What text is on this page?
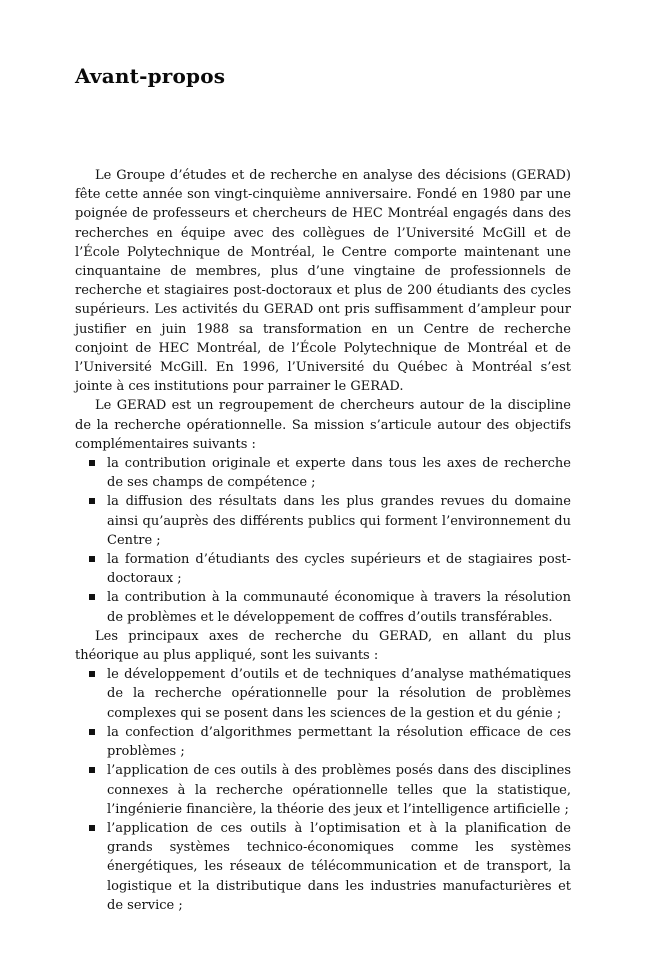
Avant-propos

Le Groupe d’études et de recherche en analyse des décisions (GERAD) fête cette année son vingt-cinquième anniversaire. Fondé en 1980 par une poignée de professeurs et chercheurs de HEC Montréal engagés dans des recherches en équipe avec des collègues de l’Université McGill et de l’École Polytechnique de Montréal, le Centre comporte maintenant une cinquantaine de membres, plus d’une vingtaine de professionnels de recherche et stagiaires post-doctoraux et plus de 200 étudiants des cycles supérieurs. Les activités du GERAD ont pris suffisamment d’ampleur pour justifier en juin 1988 sa transformation en un Centre de recherche conjoint de HEC Montréal, de l’École Polytechnique de Montréal et de l’Université McGill. En 1996, l’Université du Québec à Montréal s’est jointe à ces institutions pour parrainer le GERAD.

Le GERAD est un regroupement de chercheurs autour de la discipline de la recherche opérationnelle. Sa mission s’articule autour des objectifs complémentaires suivants :

la contribution originale et experte dans tous les axes de recherche de ses champs de compétence ;
la diffusion des résultats dans les plus grandes revues du domaine ainsi qu’auprès des différents publics qui forment l’environnement du Centre ;
la formation d’étudiants des cycles supérieurs et de stagiaires post-doctoraux ;
la contribution à la communauté économique à travers la résolution de problèmes et le développement de coffres d’outils transférables.

Les principaux axes de recherche du GERAD, en allant du plus théorique au plus appliqué, sont les suivants :

le développement d’outils et de techniques d’analyse mathématiques de la recherche opérationnelle pour la résolution de problèmes complexes qui se posent dans les sciences de la gestion et du génie ;
la confection d’algorithmes permettant la résolution efficace de ces problèmes ;
l’application de ces outils à des problèmes posés dans des disciplines connexes à la recherche opérationnelle telles que la statistique, l’ingénierie financière, la théorie des jeux et l’intelligence artificielle ;
l’application de ces outils à l’optimisation et à la planification de grands systèmes technico-économiques comme les systèmes énergétiques, les réseaux de télécommunication et de transport, la logistique et la distributique dans les industries manufacturières et de service ;
